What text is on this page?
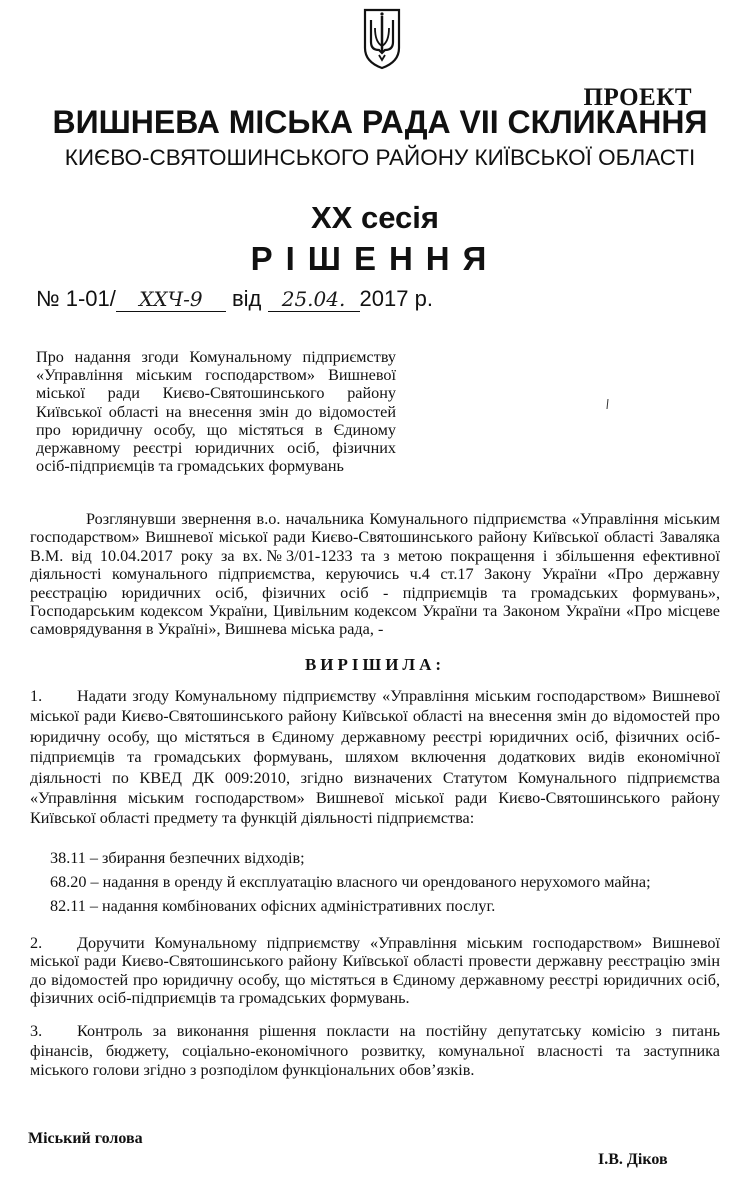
ПРОЕКТ
ВИШНЕВА МІСЬКА РАДА VII СКЛИКАННЯ
КИЄВО-СВЯТОШИНСЬКОГО РАЙОНУ КИЇВСЬКОЇ ОБЛАСТІ
XX сесія
РІШЕННЯ
№ 1-01/ XXЧ-9 від 25.04. 2017 р.
Про надання згоди Комунальному підприємству «Управління міським господарством» Вишневої міської ради Києво-Святошинського району Київської області на внесення змін до відомостей про юридичну особу, що містяться в Єдиному державному реєстрі юридичних осіб, фізичних осіб-підприємців та громадських формувань
Розглянувши звернення в.о. начальника Комунального підприємства «Управління міським господарством» Вишневої міської ради Києво-Святошинського району Київської області Заваляка В.М. від 10.04.2017 року за вх.№3/01-1233 та з метою покращення і збільшення ефективної діяльності комунального підприємства, керуючись ч.4 ст.17 Закону України «Про державну реєстрацію юридичних осіб, фізичних осіб - підприємців та громадських формувань», Господарським кодексом України, Цивільним кодексом України та Законом України «Про місцеве самоврядування в Україні», Вишнева міська рада, -
ВИРІШИЛА:
1. Надати згоду Комунальному підприємству «Управління міським господарством» Вишневої міської ради Києво-Святошинського району Київської області на внесення змін до відомостей про юридичну особу, що містяться в Єдиному державному реєстрі юридичних осіб, фізичних осіб-підприємців та громадських формувань, шляхом включення додаткових видів економічної діяльності по КВЕД ДК 009:2010, згідно визначених Статутом Комунального підприємства «Управління міським господарством» Вишневої міської ради Києво-Святошинського району Київської області предмету та функцій діяльності підприємства:
38.11 – збирання безпечних відходів;
68.20 – надання в оренду й експлуатацію власного чи орендованого нерухомого майна;
82.11 – надання комбінованих офісних адміністративних послуг.
2. Доручити Комунальному підприємству «Управління міським господарством» Вишневої міської ради Києво-Святошинського району Київської області провести державну реєстрацію змін до відомостей про юридичну особу, що містяться в Єдиному державному реєстрі юридичних осіб, фізичних осіб-підприємців та громадських формувань.
3. Контроль за виконання рішення покласти на постійну депутатську комісію з питань фінансів, бюджету, соціально-економічного розвитку, комунальної власності та заступника міського голови згідно з розподілом функціональних обов’язків.
Міський голова
І.В. Діков
